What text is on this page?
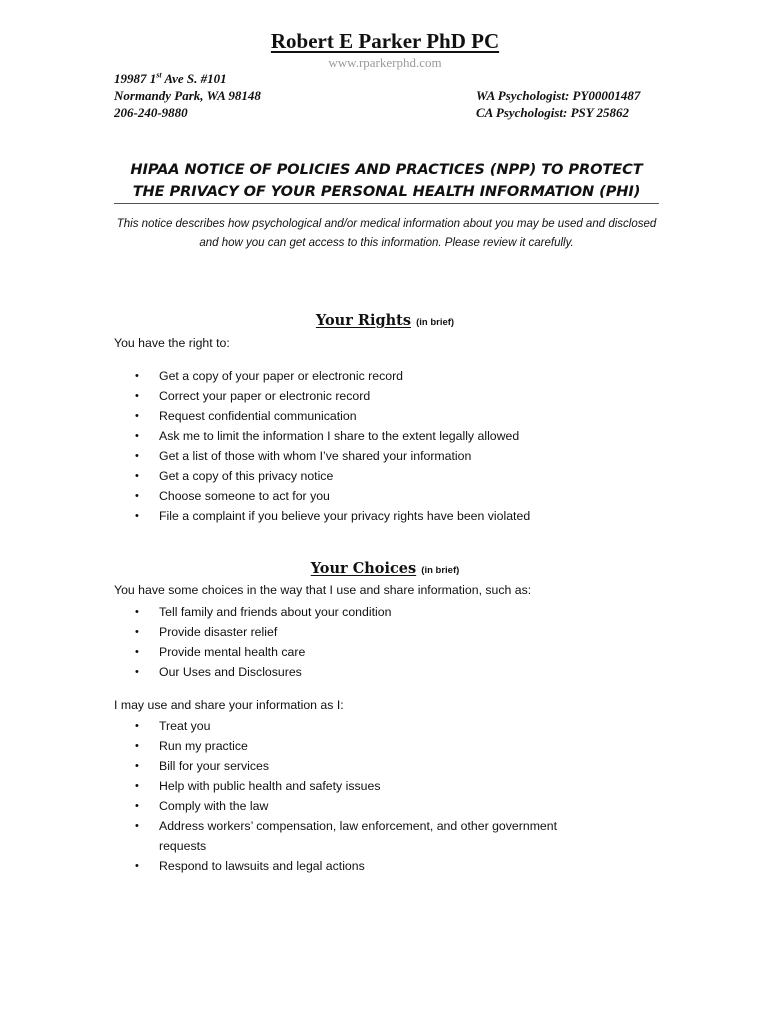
Robert E Parker PhD PC
www.rparkerphd.com
19987 1st Ave S. #101
Normandy Park, WA 98148
206-240-9880
WA Psychologist: PY00001487
CA Psychologist: PSY 25862
HIPAA NOTICE OF POLICIES AND PRACTICES (NPP) TO PROTECT
THE PRIVACY OF YOUR PERSONAL HEALTH INFORMATION (PHI)
This notice describes how psychological and/or medical information about you may be used and disclosed
and how you can get access to this information. Please review it carefully.
Your Rights (in brief)
You have the right to:
• Get a copy of your paper or electronic record
• Correct your paper or electronic record
• Request confidential communication
• Ask me to limit the information I share to the extent legally allowed
• Get a list of those with whom I’ve shared your information
• Get a copy of this privacy notice
• Choose someone to act for you
• File a complaint if you believe your privacy rights have been violated
Your Choices (in brief)
You have some choices in the way that I use and share information, such as:
• Tell family and friends about your condition
• Provide disaster relief
• Provide mental health care
• Our Uses and Disclosures
I may use and share your information as I:
• Treat you
• Run my practice
• Bill for your services
• Help with public health and safety issues
• Comply with the law
• Address workers’ compensation, law enforcement, and other government requests
• Respond to lawsuits and legal actions
